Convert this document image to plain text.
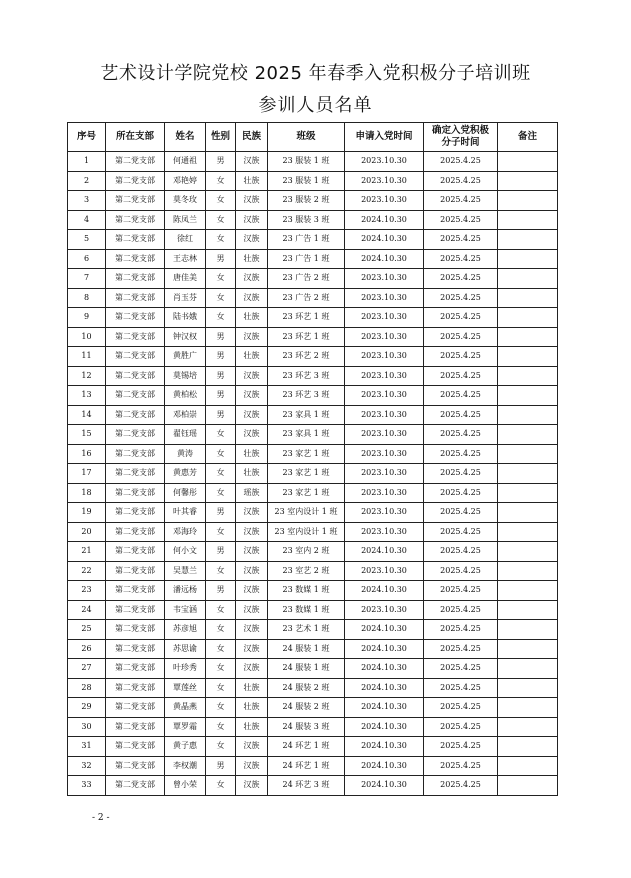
艺术设计学院党校 2025 年春季入党积极分子培训班
参训人员名单
序号	所在支部	姓名	性别	民族	班级	申请入党时间	确定入党积极分子时间	备注
1	第二党支部	何通祖	男	汉族	23 服装 1 班	2023.10.30	2025.4.25	
2	第二党支部	邓艳婷	女	壮族	23 服装 1 班	2023.10.30	2025.4.25	
3	第二党支部	莫冬玫	女	汉族	23 服装 2 班	2023.10.30	2025.4.25	
4	第二党支部	陈凤兰	女	汉族	23 服装 3 班	2024.10.30	2025.4.25	
5	第二党支部	徐红	女	汉族	23 广告 1 班	2024.10.30	2025.4.25	
6	第二党支部	王志林	男	壮族	23 广告 1 班	2024.10.30	2025.4.25	
7	第二党支部	唐佳美	女	汉族	23 广告 2 班	2023.10.30	2025.4.25	
8	第二党支部	肖玉芬	女	汉族	23 广告 2 班	2023.10.30	2025.4.25	
9	第二党支部	陆书娥	女	壮族	23 环艺 1 班	2023.10.30	2025.4.25	
10	第二党支部	钟汉权	男	汉族	23 环艺 1 班	2023.10.30	2025.4.25	
11	第二党支部	黄胜广	男	壮族	23 环艺 2 班	2023.10.30	2025.4.25	
12	第二党支部	莫锡培	男	汉族	23 环艺 3 班	2023.10.30	2025.4.25	
13	第二党支部	黄柏松	男	汉族	23 环艺 3 班	2023.10.30	2025.4.25	
14	第二党支部	邓柏崇	男	汉族	23 家具 1 班	2023.10.30	2025.4.25	
15	第二党支部	翟钰瑶	女	汉族	23 家具 1 班	2023.10.30	2025.4.25	
16	第二党支部	黄涛	女	壮族	23 家艺 1 班	2023.10.30	2025.4.25	
17	第二党支部	黄惠芳	女	壮族	23 家艺 1 班	2023.10.30	2025.4.25	
18	第二党支部	何馨彤	女	瑶族	23 家艺 1 班	2023.10.30	2025.4.25	
19	第二党支部	叶其睿	男	汉族	23 室内设计 1 班	2023.10.30	2025.4.25	
20	第二党支部	邓海玲	女	汉族	23 室内设计 1 班	2023.10.30	2025.4.25	
21	第二党支部	何小文	男	汉族	23 室内 2 班	2024.10.30	2025.4.25	
22	第二党支部	吴慧兰	女	汉族	23 室艺 2 班	2023.10.30	2025.4.25	
23	第二党支部	潘远杨	男	汉族	23 数媒 1 班	2024.10.30	2025.4.25	
24	第二党支部	韦宝涵	女	汉族	23 数媒 1 班	2023.10.30	2025.4.25	
25	第二党支部	苏彦旭	女	汉族	23 艺术 1 班	2024.10.30	2025.4.25	
26	第二党支部	苏思谕	女	汉族	24 服装 1 班	2024.10.30	2025.4.25	
27	第二党支部	叶珍秀	女	汉族	24 服装 1 班	2024.10.30	2025.4.25	
28	第二党支部	覃莲丝	女	壮族	24 服装 2 班	2024.10.30	2025.4.25	
29	第二党支部	黄晶燕	女	壮族	24 服装 2 班	2024.10.30	2025.4.25	
30	第二党支部	覃罗霜	女	壮族	24 服装 3 班	2024.10.30	2025.4.25	
31	第二党支部	黄子惠	女	汉族	24 环艺 1 班	2024.10.30	2025.4.25	
32	第二党支部	李权潮	男	汉族	24 环艺 1 班	2024.10.30	2025.4.25	
33	第二党支部	曾小荣	女	汉族	24 环艺 3 班	2024.10.30	2025.4.25	
- 2 -
